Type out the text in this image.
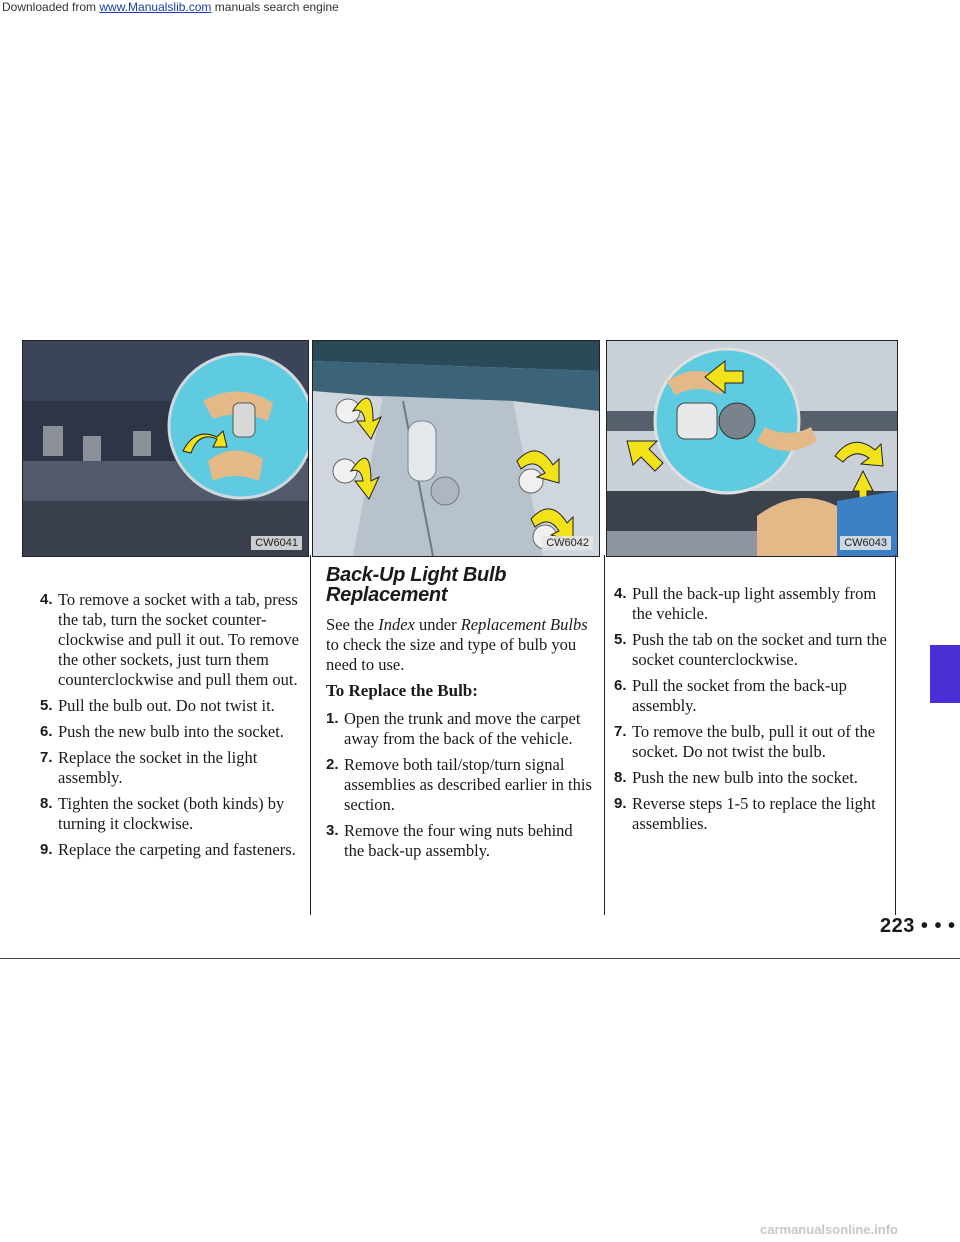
Downloaded from www.Manualslib.com manuals search engine
CW6041	CW6042	CW6043
4. To remove a socket with a tab, press the tab, turn the socket counter-clockwise and pull it out. To remove the other sockets, just turn them counterclockwise and pull them out.
5. Pull the bulb out. Do not twist it.
6. Push the new bulb into the socket.
7. Replace the socket in the light assembly.
8. Tighten the socket (both kinds) by turning it clockwise.
9. Replace the carpeting and fasteners.
Back-Up Light Bulb Replacement

See the Index under Replacement Bulbs to check the size and type of bulb you need to use.

To Replace the Bulb:
1. Open the trunk and move the carpet away from the back of the vehicle.
2. Remove both tail/stop/turn signal assemblies as described earlier in this section.
3. Remove the four wing nuts behind the back-up assembly.
4. Pull the back-up light assembly from the vehicle.
5. Push the tab on the socket and turn the socket counterclockwise.
6. Pull the socket from the back-up assembly.
7. To remove the bulb, pull it out of the socket. Do not twist the bulb.
8. Push the new bulb into the socket.
9. Reverse steps 1-5 to replace the light assemblies.
223 • • •
carmanualsonline.info
